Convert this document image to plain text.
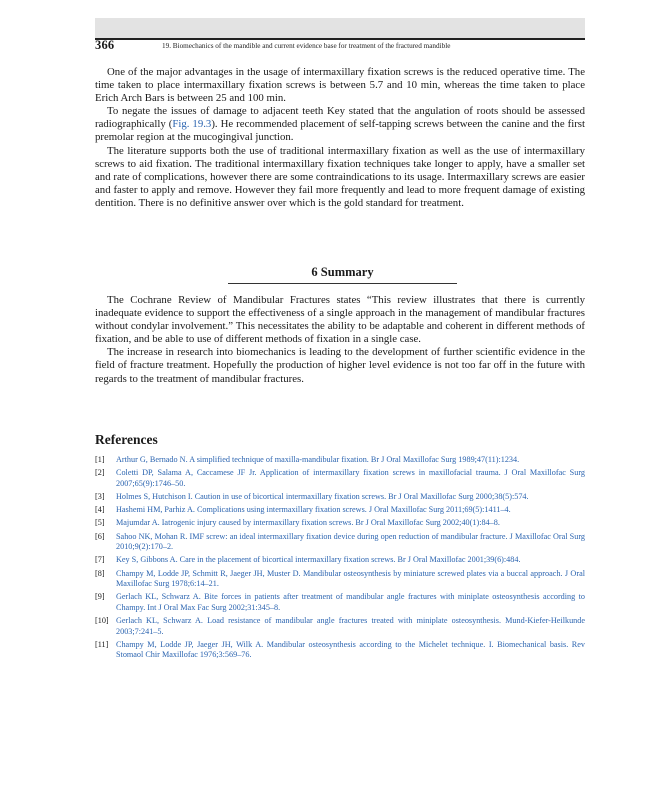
366	19. Biomechanics of the mandible and current evidence base for treatment of the fractured mandible

One of the major advantages in the usage of intermaxillary fixation screws is the reduced operative time. The time taken to place intermaxillary fixation screws is between 5.7 and 10 min, whereas the time taken to place Erich Arch Bars is between 25 and 100 min.

To negate the issues of damage to adjacent teeth Key stated that the angulation of roots should be assessed radiographically (Fig. 19.3). He recommended placement of self-tapping screws between the canine and the first premolar region at the mucogingival junction.

The literature supports both the use of traditional intermaxillary fixation as well as the use of intermaxillary screws to aid fixation. The traditional intermaxillary fixation techniques take longer to apply, have a smaller set and rate of complications, however there are some contraindications to its usage. Intermaxillary screws are easier and faster to apply and remove. However they fail more frequently and lead to more frequent damage of existing dentition. There is no definitive answer over which is the gold standard for treatment.

6 Summary

The Cochrane Review of Mandibular Fractures states “This review illustrates that there is currently inadequate evidence to support the effectiveness of a single approach in the management of mandibular fractures without condylar involvement.” This necessitates the ability to be adaptable and coherent in different methods of fixation, and be able to use of different methods of fixation in a single case.

The increase in research into biomechanics is leading to the development of further scientific evidence in the field of fracture treatment. Hopefully the production of higher level evidence is not too far off in the future with regards to the treatment of mandibular fractures.

References
[1] Arthur G, Bernado N. A simplified technique of maxilla-mandibular fixation. Br J Oral Maxillofac Surg 1989;47(11):1234.
[2] Coletti DP, Salama A, Caccamese JF Jr. Application of intermaxillary fixation screws in maxillofacial trauma. J Oral Maxillofac Surg 2007;65(9):1746–50.
[3] Holmes S, Hutchison I. Caution in use of bicortical intermaxillary fixation screws. Br J Oral Maxillofac Surg 2000;38(5):574.
[4] Hashemi HM, Parhiz A. Complications using intermaxillary fixation screws. J Oral Maxillofac Surg 2011;69(5):1411–4.
[5] Majumdar A. Iatrogenic injury caused by intermaxillary fixation screws. Br J Oral Maxillofac Surg 2002;40(1):84–8.
[6] Sahoo NK, Mohan R. IMF screw: an ideal intermaxillary fixation device during open reduction of mandibular fracture. J Maxillofac Oral Surg 2010;9(2):170–2.
[7] Key S, Gibbons A. Care in the placement of bicortical intermaxillary fixation screws. Br J Oral Maxillofac 2001;39(6):484.
[8] Champy M, Lodde JP, Schmitt R, Jaeger JH, Muster D. Mandibular osteosynthesis by miniature screwed plates via a buccal approach. J Oral Maxillofac Surg 1978;6:14–21.
[9] Gerlach KL, Schwarz A. Bite forces in patients after treatment of mandibular angle fractures with miniplate osteosynthesis according to Champy. Int J Oral Max Fac Surg 2002;31:345–8.
[10] Gerlach KL, Schwarz A. Load resistance of mandibular angle fractures treated with miniplate osteosynthesis. Mund-Kiefer-Heilkunde 2003;7:241–5.
[11] Champy M, Lodde JP, Jaeger JH, Wilk A. Mandibular osteosynthesis according to the Michelet technique. I. Biomechanical basis. Rev Stomaol Chir Maxillofac 1976;3:569–76.
